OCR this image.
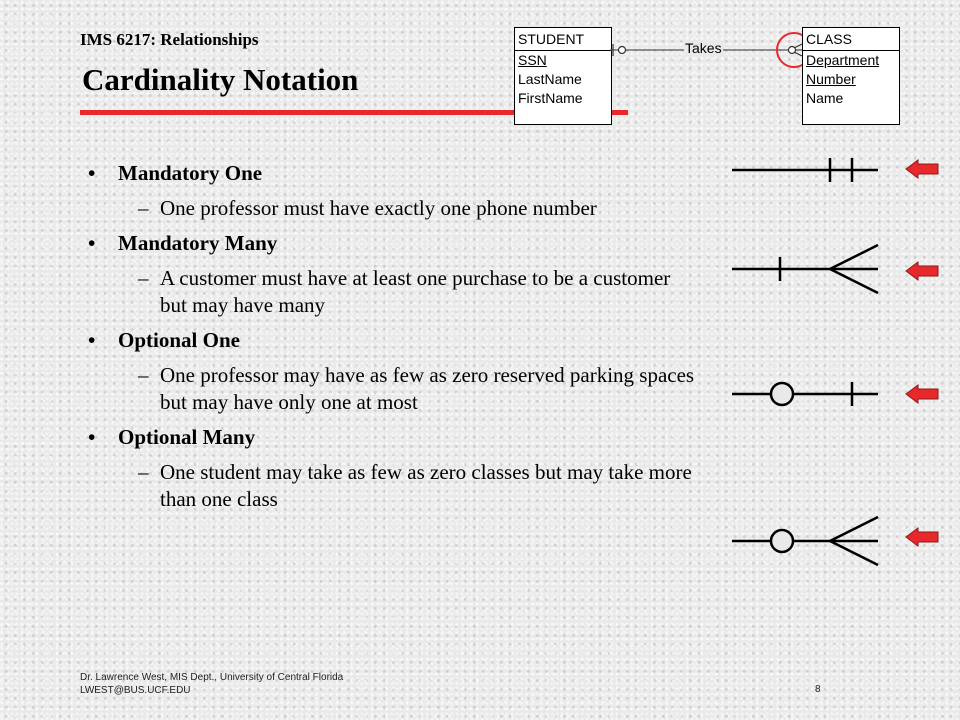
IMS 6217: Relationships
Cardinality Notation
STUDENT
SSN
LastName
FirstName
Takes
CLASS
Department
Number
Name
• Mandatory One
– One professor must have exactly one phone number
• Mandatory Many
– A customer must have at least one purchase to be a customer but may have many
• Optional One
– One professor may have as few as zero reserved parking spaces but may have only one at most
• Optional Many
– One student may take as few as zero classes but may take more than one class
Dr. Lawrence West, MIS Dept., University of Central Florida
LWEST@BUS.UCF.EDU	8
